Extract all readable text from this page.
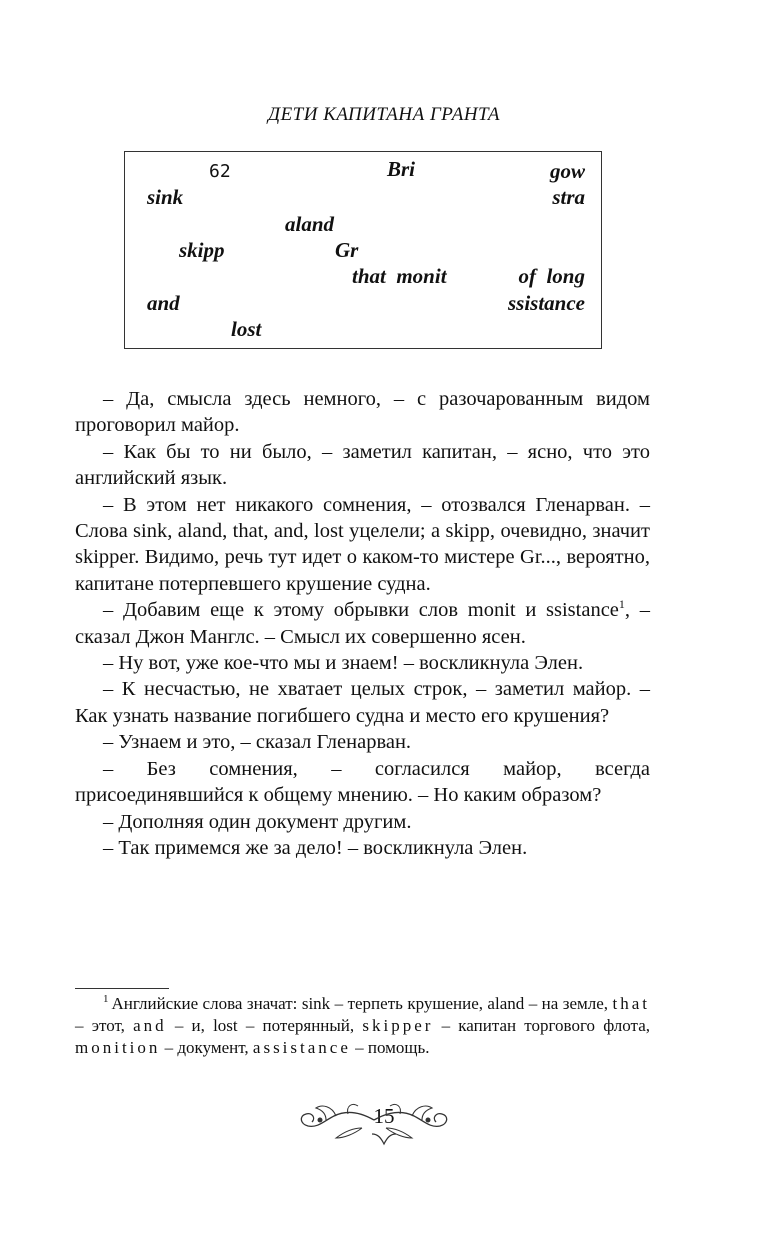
ДЕТИ КАПИТАНА ГРАНТА
62	Bri	gow
sink	stra
aland
skipp	Gr
that  monit	of  long
and	ssistance
lost

– Да, смысла здесь немного, – с разочарованным видом проговорил майор.

– Как бы то ни было, – заметил капитан, – ясно, что это английский язык.

– В этом нет никакого сомнения, – отозвался Гленарван. – Слова sink, aland, that, and, lost уцелели; а skipp, очевидно, значит skipper. Видимо, речь тут идет о каком-то мистере Gr..., вероятно, капитане потерпевшего крушение судна.

– Добавим еще к этому обрывки слов monit и ssistance$^1$, – сказал Джон Манглс. – Смысл их совершенно ясен.

– Ну вот, уже кое-что мы и знаем! – воскликнула Элен.

– К несчастью, не хватает целых строк, – заметил майор. – Как узнать название погибшего судна и место его крушения?

– Узнаем и это, – сказал Гленарван.

– Без сомнения, – согласился майор, всегда присоединявшийся к общему мнению. – Но каким образом?

– Дополняя один документ другим.

– Так примемся же за дело! – воскликнула Элен.

$^1$ Английские слова значат: sink – терпеть крушение, aland – на земле, that – этот, and – и, lost – потерянный, skipper – капитан торгового флота, monition – документ, assistance – помощь.
15
